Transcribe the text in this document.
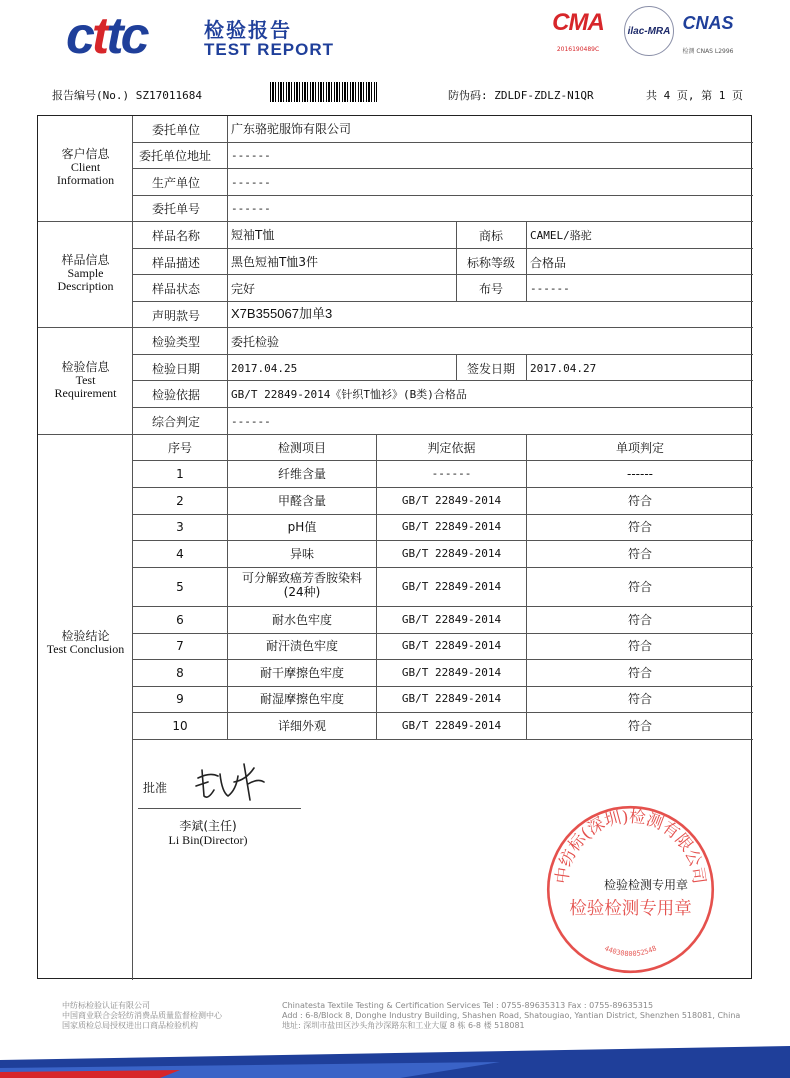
cttc	检验报告
TEST REPORT
CMA
2016190489C
ilac-MRA CNAS
检测 CNAS L2996
报告编号(No.) SZ17011684	防伪码: ZDLDF-ZDLZ-N1QR	共 4 页, 第 1 页
客户信息
Client
Information
委托单位	广东骆驼服饰有限公司
委托单位地址 ------
生产单位	------
委托单号	------
样品信息
Sample
Description
样品名称	短袖T恤	商标	CAMEL/骆驼
样品描述	黑色短袖T恤3件	标称等级	合格品
样品状态	完好	布号	------
声明款号 X7B355067加单3
检验信息
Test
Requirement
检验类型	委托检验
检验日期	2017.04.25	签发日期	2017.04.27
检验依据	GB/T 22849-2014《针织T恤衫》(B类)合格品
综合判定	------
检验结论
Test Conclusion
序号	检测项目	判定依据	单项判定
1	纤维含量	------	------
2	甲醛含量	GB/T 22849-2014	符合
3	pH值	GB/T 22849-2014	符合
4	异味	GB/T 22849-2014	符合
5
可分解致癌芳香胺染料
(24种)	GB/T 22849-2014	符合
6	耐水色牢度	GB/T 22849-2014	符合
7	耐汗渍色牢度	GB/T 22849-2014	符合
8	耐干摩擦色牢度	GB/T 22849-2014	符合
9	耐湿摩擦色牢度	GB/T 22849-2014	符合
10	详细外观	GB/T 22849-2014	符合
批准
李斌(主任)
Li Bin(Director)
中纺标(深圳)检测有限公司
4403080052548
检验检测专用章
检验检测专用章
中纺标检验认证有限公司
中国商业联合会轻纺消费品质量监督检测中心
国家质检总局授权进出口商品检验机构
Chinatesta Textile Testing & Certification Services Tel : 0755-89635313 Fax : 0755-89635315
Add : 6-8/Block 8, Donghe Industry Building, Shashen Road, Shatougiao, Yantian District, Shenzhen 518081, China
地址: 深圳市盐田区沙头角沙深路东和工业大厦 8 栋 6-8 楼 518081
